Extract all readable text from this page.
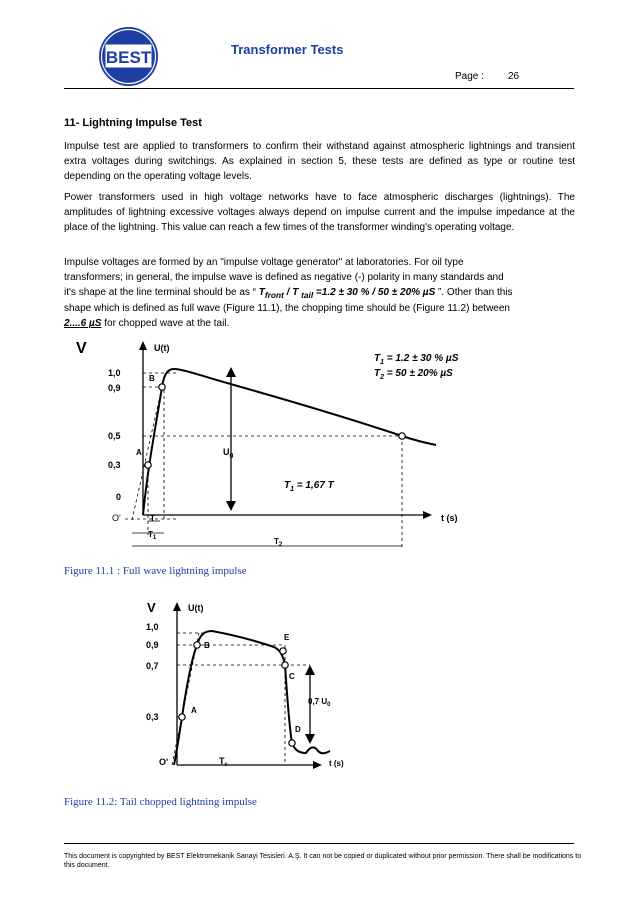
BEST	Transformer Tests
Page : 26
11- Lightning Impulse Test

Impulse test are applied to transformers to confirm their withstand against atmospheric lightnings and transient extra voltages during switchings. As explained in section 5, these tests are defined as type or routine test depending on the operating voltage levels.

Power transformers used in high voltage networks have to face atmospheric discharges (lightnings). The amplitudes of lightning excessive voltages always depend on impulse current and the impulse impedance at the place of the lightning. This value can reach a few times of the transformer winding's operating voltage.

Impulse voltages are formed by an "impulse voltage generator" at laboratories. For oil type
transformers; in general, the impulse wave is defined as negative (-) polarity in many standards and
it's shape at the line terminal should be as “ $T_{front}$ / T $_{tail}$ =1.2 ± 30 % / 50 ± 20% µS ”. Other than this
shape which is defined as full wave (Figure 11.1), the chopping time should be (Figure 11.2) between
2....6 µS for chopped wave at the tail.
V	U(t)
1,0
0,9
0,5
0,3
0
O'
A
B
$U_0$
$T_1 = 1.2 \pm 30$ % µS
$T_2 = 50 \pm 20\%$ µS
$T_1 = 1,67$ T
T
$T_1$	$T_2$
t (s)
Figure 11.1 : Full wave lightning impulse
V	U(t)
1,0
0,9
0,7
0,3
O'
A
B
C
D
E
0,7 $U_0$
$T_c$	t (s)
Figure 11.2: Tail chopped lightning impulse
This document is copyrighted by BEST Elektromekanik Sanayi Tesisleri. A.Ş. It can not be copied or duplicated without prior permission. There shall be modifications to this document.
